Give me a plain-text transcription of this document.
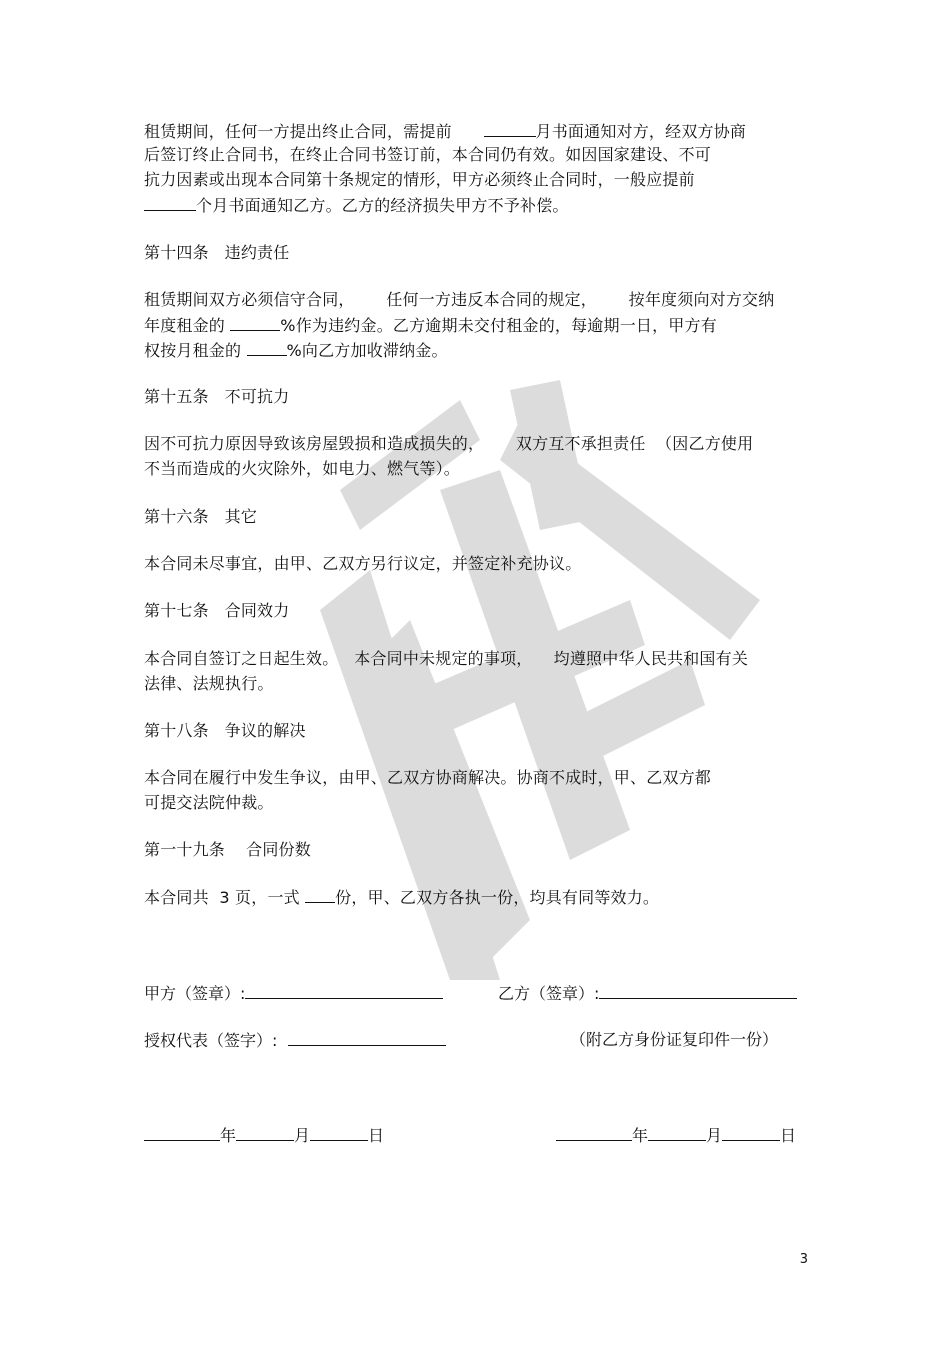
租赁期间，任何一方提出终止合同，需提前	月书面通知对方，经双方协商
后签订终止合同书，在终止合同书签订前，本合同仍有效。如因国家建设、不可
抗力因素或出现本合同第十条规定的情形，甲方必须终止合同时，一般应提前
个月书面通知乙方。乙方的经济损失甲方不予补偿。
第十四条   违约责任
租赁期间双方必须信守合同， 任何一方违反本合同的规定， 按年度须向对方交纳
年度租金的	%作为违约金。乙方逾期未交付租金的，每逾期一日，甲方有
权按月租金的	%向乙方加收滞纳金。
第十五条   不可抗力
因不可抗力原因导致该房屋毁损和造成损失的， 双方互不承担责任  （因乙方使用
不当而造成的火灾除外，如电力、燃气等）。
第十六条   其它
本合同未尽事宜，由甲、乙双方另行议定，并签定补充协议。
第十七条   合同效力
本合同自签订之日起生效。 本合同中未规定的事项， 均遵照中华人民共和国有关
法律、法规执行。
第十八条   争议的解决
本合同在履行中发生争议，由甲、乙双方协商解决。协商不成时，甲、乙双方都
可提交法院仲裁。
第一十九条    合同份数
本合同共  3 页，一式 份，甲、乙双方各执一份，均具有同等效力。
甲方（签章）:	乙方（签章）:
授权代表（签字）:	（附乙方身份证复印件一份）
年	月	日	年	月	日
3
